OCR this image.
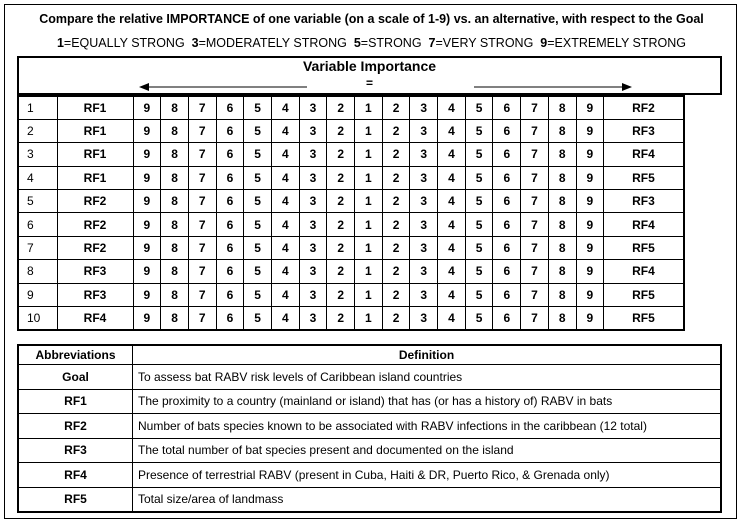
Compare the relative IMPORTANCE of one variable (on a scale of 1-9) vs. an alternative, with respect to the Goal
1=EQUALLY STRONG 3=MODERATELY STRONG 5=STRONG 7=VERY STRONG 9=EXTREMELY STRONG
Variable Importance
=
1	RF1	9	8	7	6	5	4	3	2	1	2	3	4	5	6	7	8	9	RF2
2	RF1	9	8	7	6	5	4	3	2	1	2	3	4	5	6	7	8	9	RF3
3	RF1	9	8	7	6	5	4	3	2	1	2	3	4	5	6	7	8	9	RF4
4	RF1	9	8	7	6	5	4	3	2	1	2	3	4	5	6	7	8	9	RF5
5	RF2	9	8	7	6	5	4	3	2	1	2	3	4	5	6	7	8	9	RF3
6	RF2	9	8	7	6	5	4	3	2	1	2	3	4	5	6	7	8	9	RF4
7	RF2	9	8	7	6	5	4	3	2	1	2	3	4	5	6	7	8	9	RF5
8	RF3	9	8	7	6	5	4	3	2	1	2	3	4	5	6	7	8	9	RF4
9	RF3	9	8	7	6	5	4	3	2	1	2	3	4	5	6	7	8	9	RF5
10	RF4	9	8	7	6	5	4	3	2	1	2	3	4	5	6	7	8	9	RF5
Abbreviations	Definition
Goal	To assess bat RABV risk levels of Caribbean island countries
RF1	The proximity to a country (mainland or island) that has (or has a history of) RABV in bats
RF2	Number of bats species known to be associated with RABV infections in the caribbean (12 total)
RF3	The total number of bat species present and documented on the island
RF4	Presence of terrestrial RABV (present in Cuba, Haiti & DR, Puerto Rico, & Grenada only)
RF5	Total size/area of landmass
